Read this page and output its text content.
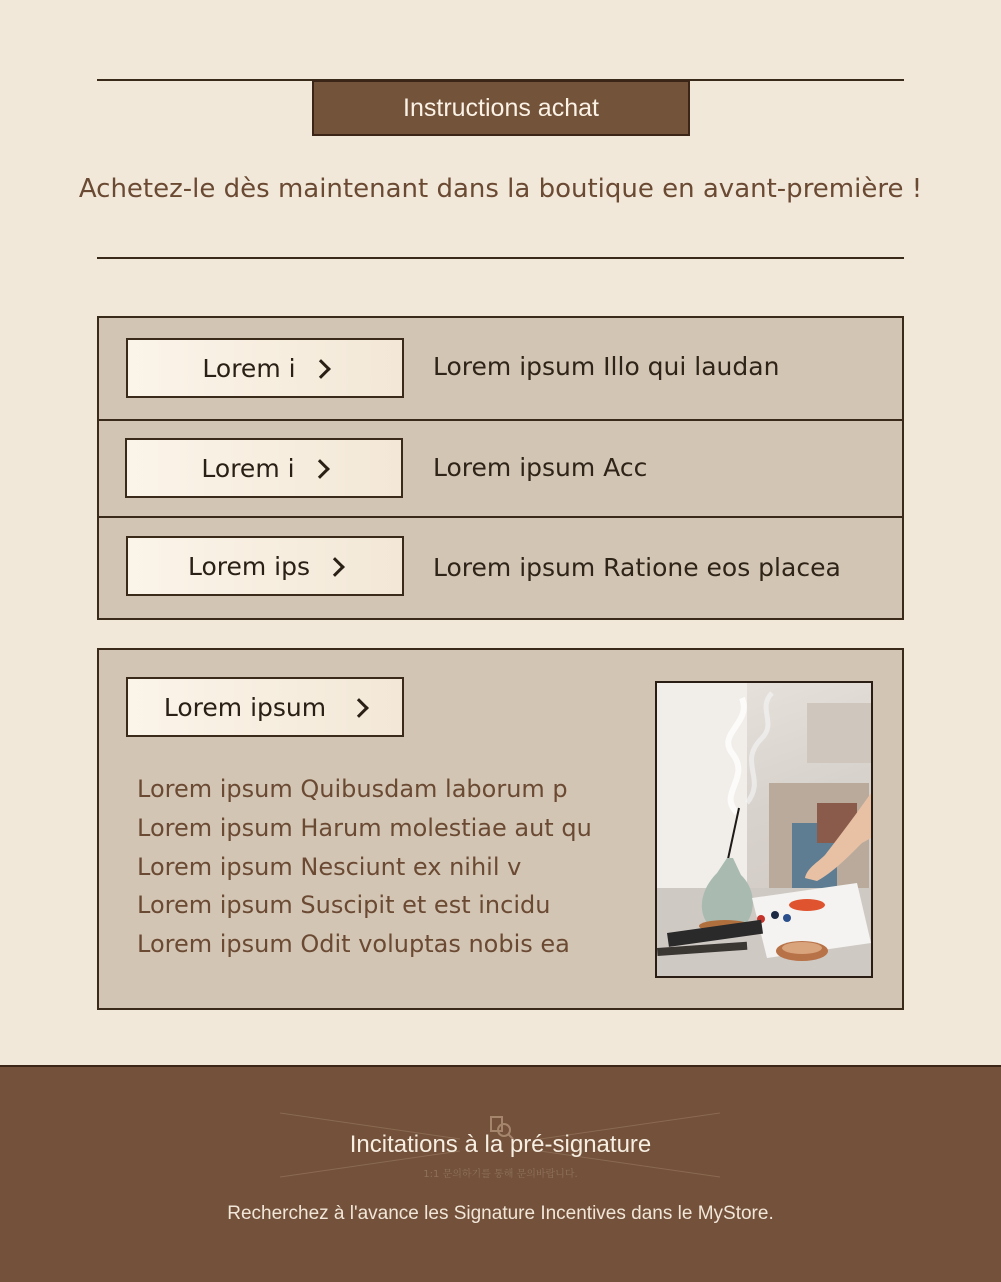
Instructions achat
Achetez-le dès maintenant dans la boutique en avant-première !
Lorem i	Lorem ipsum Illo qui laudan
Lorem i	Lorem ipsum Acc
Lorem ips	Lorem ipsum Ratione eos placea
Lorem ipsum
Lorem ipsum Quibusdam laborum p
Lorem ipsum Harum molestiae aut qu
Lorem ipsum Nesciunt ex nihil v
Lorem ipsum Suscipit et est incidu
Lorem ipsum Odit voluptas nobis ea
Incitations à la pré-signature
1:1 문의하기를 통해 문의바랍니다.
Recherchez à l'avance les Signature Incentives dans le MyStore.
